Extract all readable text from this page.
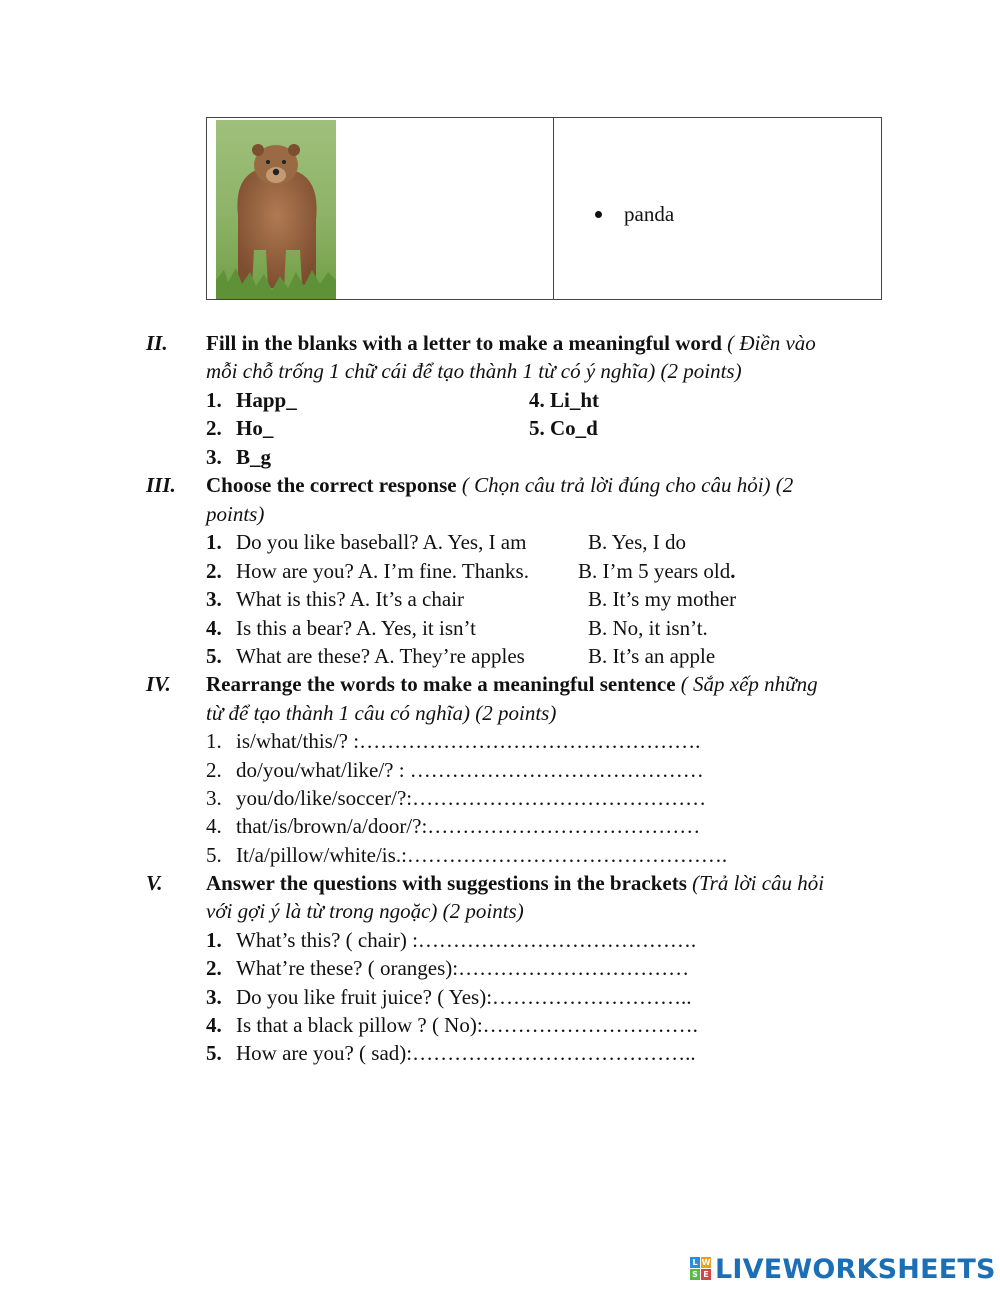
panda
II. Fill in the blanks with a letter to make a meaningful word ( Điền vào
mỗi chỗ trống 1 chữ cái để tạo thành 1 từ có ý nghĩa) (2 points)
1. Happ_
2. Ho_
3. B_g
4. Li_ht
5. Co_d
III. Choose the correct response ( Chọn câu trả lời đúng cho câu hỏi) (2
points)
1. Do you like baseball? A. Yes, I am	B. Yes, I do
2. How are you? A. I’m fine. Thanks. B. I’m 5 years old.
3. What is this? A. It’s a chair	B. It’s my mother
4. Is this a bear? A. Yes, it isn’t	B. No, it isn’t.
5. What are these? A. They’re apples	B. It’s an apple
IV. Rearrange the words to make a meaningful sentence ( Sắp xếp những
từ để tạo thành 1 câu có nghĩa) (2 points)
1. is/what/this/? :………………………………………….
2. do/you/what/like/? : ……………………………………
3. you/do/like/soccer/?:……………………………………
4. that/is/brown/a/door/?:…………………………………
5. It/a/pillow/white/is.:……………………………………….
V. Answer the questions with suggestions in the brackets (Trả lời câu hỏi
với gợi ý là từ trong ngoặc) (2 points)
1. What’s this? ( chair) :………………………………….
2. What’re these? ( oranges):……………………………
3. Do you like fruit juice? ( Yes):………………………..
4. Is that a black pillow ? ( No):………………………….
5. How are you? ( sad):…………………………………..
L W
S E LIVEWORKSHEETS
